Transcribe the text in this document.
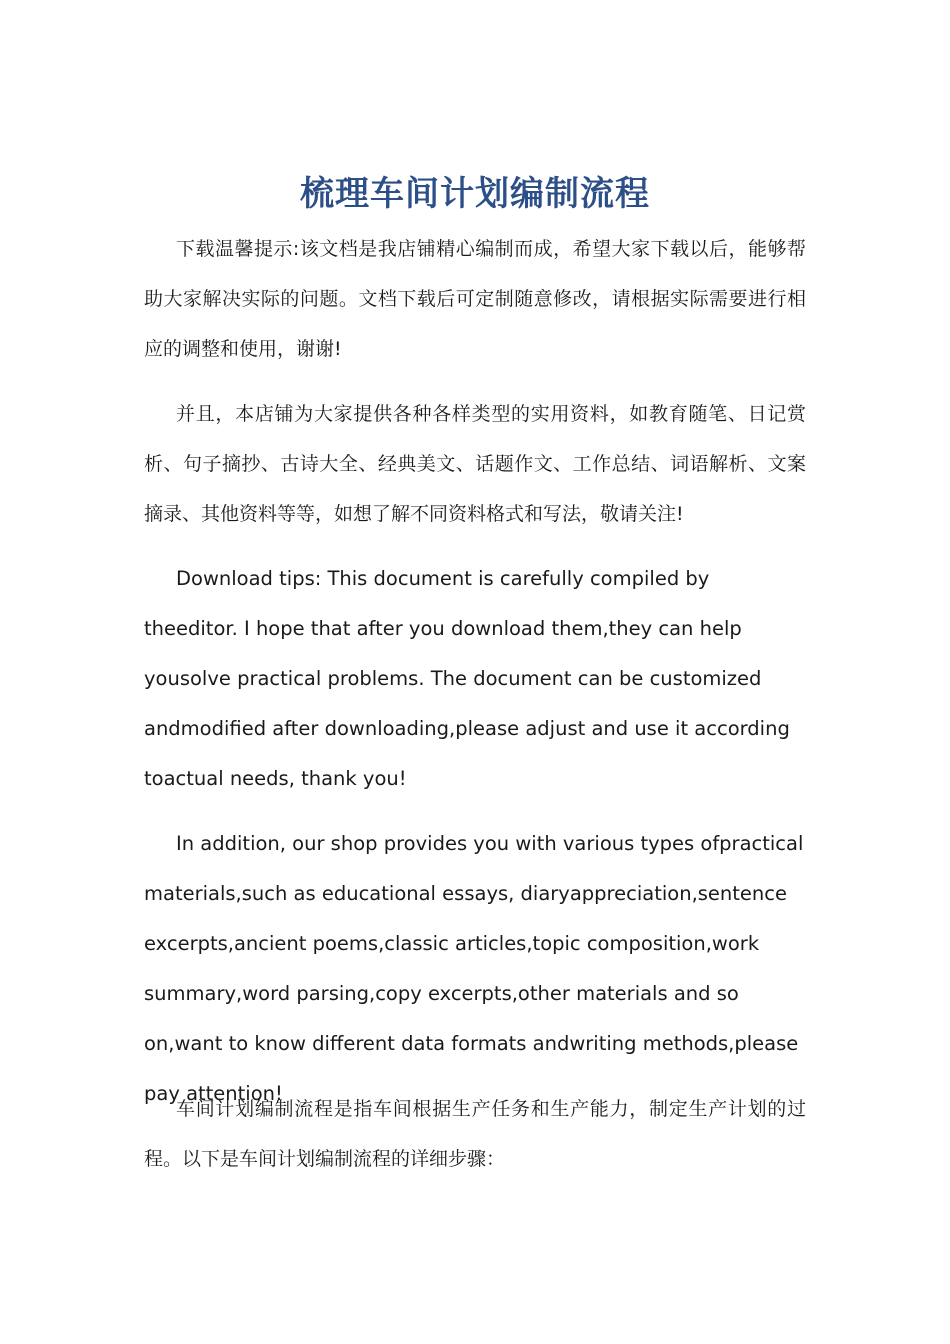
梳理车间计划编制流程

下载温馨提示:该文档是我店铺精心编制而成，希望大家下载以后，能够帮助大家解决实际的问题。文档下载后可定制随意修改，请根据实际需要进行相应的调整和使用，谢谢!

并且，本店铺为大家提供各种各样类型的实用资料，如教育随笔、日记赏析、句子摘抄、古诗大全、经典美文、话题作文、工作总结、词语解析、文案摘录、其他资料等等，如想了解不同资料格式和写法，敬请关注!

Download tips: This document is carefully compiled by theeditor. I hope that after you download them,they can help yousolve practical problems. The document can be customized andmodified after downloading,please adjust and use it according toactual needs, thank you!

In addition, our shop provides you with various types ofpractical materials,such as educational essays, diaryappreciation,sentence excerpts,ancient poems,classic articles,topic composition,work summary,word parsing,copy excerpts,other materials and so on,want to know different data formats andwriting methods,please pay attention!

车间计划编制流程是指车间根据生产任务和生产能力，制定生产计划的过程。以下是车间计划编制流程的详细步骤：
